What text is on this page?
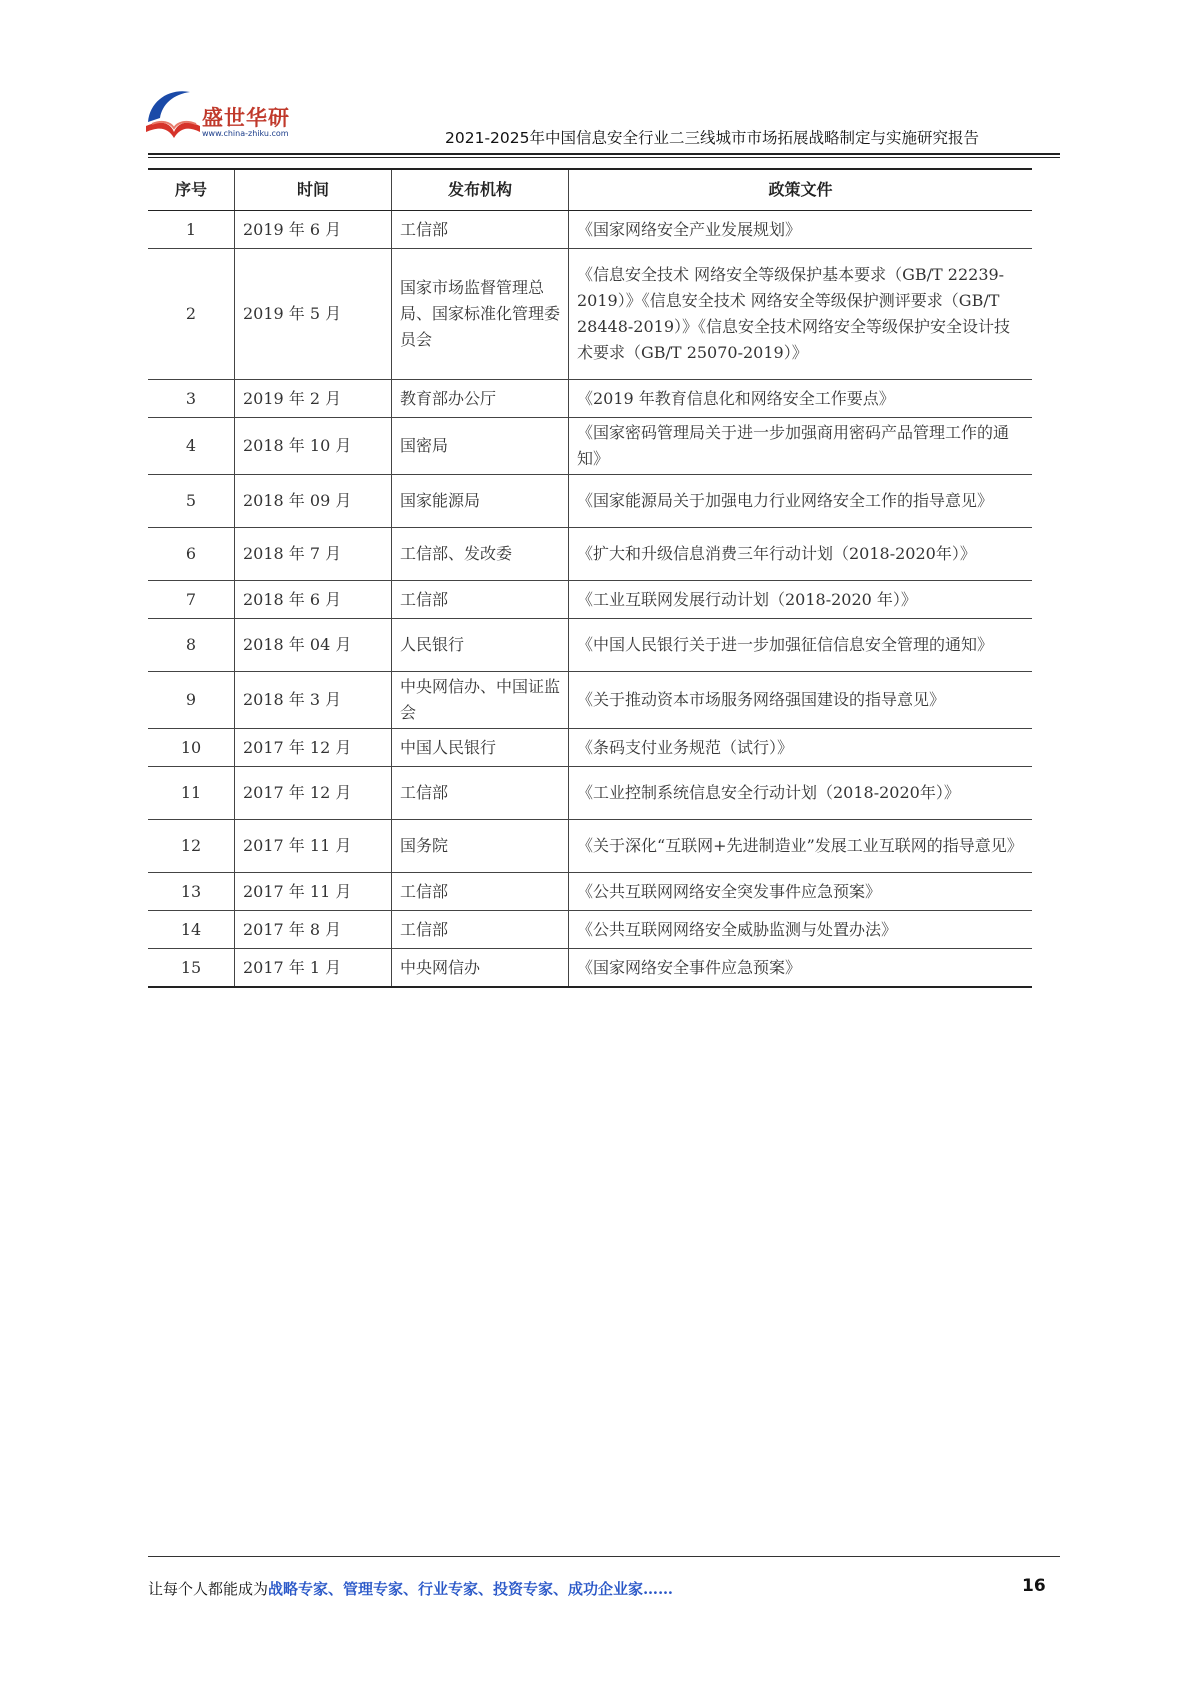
盛世华研
www.china-zhiku.com	2021-2025年中国信息安全行业二三线城市市场拓展战略制定与实施研究报告
序号	时间	发布机构	政策文件
1	2019 年 6 月	工信部	《国家网络安全产业发展规划》
2	2019 年 5 月	国家市场监督管理总局、国家标准化管理委员会	《信息安全技术 网络安全等级保护基本要求（GB/T 22239-2019）》《信息安全技术 网络安全等级保护测评要求（GB/T 28448-2019）》《信息安全技术网络安全等级保护安全设计技术要求（GB/T 25070-2019）》
3	2019 年 2 月	教育部办公厅	《2019 年教育信息化和网络安全工作要点》
4	2018 年 10 月	国密局	《国家密码管理局关于进一步加强商用密码产品管理工作的通知》
5	2018 年 09 月	国家能源局	《国家能源局关于加强电力行业网络安全工作的指导意见》
6	2018 年 7 月	工信部、发改委	《扩大和升级信息消费三年行动计划（2018-2020年）》
7	2018 年 6 月	工信部	《工业互联网发展行动计划（2018-2020 年）》
8	2018 年 04 月	人民银行	《中国人民银行关于进一步加强征信信息安全管理的通知》
9	2018 年 3 月	中央网信办、中国证监会	《关于推动资本市场服务网络强国建设的指导意见》
10	2017 年 12 月	中国人民银行	《条码支付业务规范（试行）》
11	2017 年 12 月	工信部	《工业控制系统信息安全行动计划（2018-2020年）》
12	2017 年 11 月	国务院	《关于深化“互联网+先进制造业”发展工业互联网的指导意见》
13	2017 年 11 月	工信部	《公共互联网网络安全突发事件应急预案》
14	2017 年 8 月	工信部	《公共互联网网络安全威胁监测与处置办法》
15	2017 年 1 月	中央网信办	《国家网络安全事件应急预案》
让每个人都能成为战略专家、管理专家、行业专家、投资专家、成功企业家……	16
